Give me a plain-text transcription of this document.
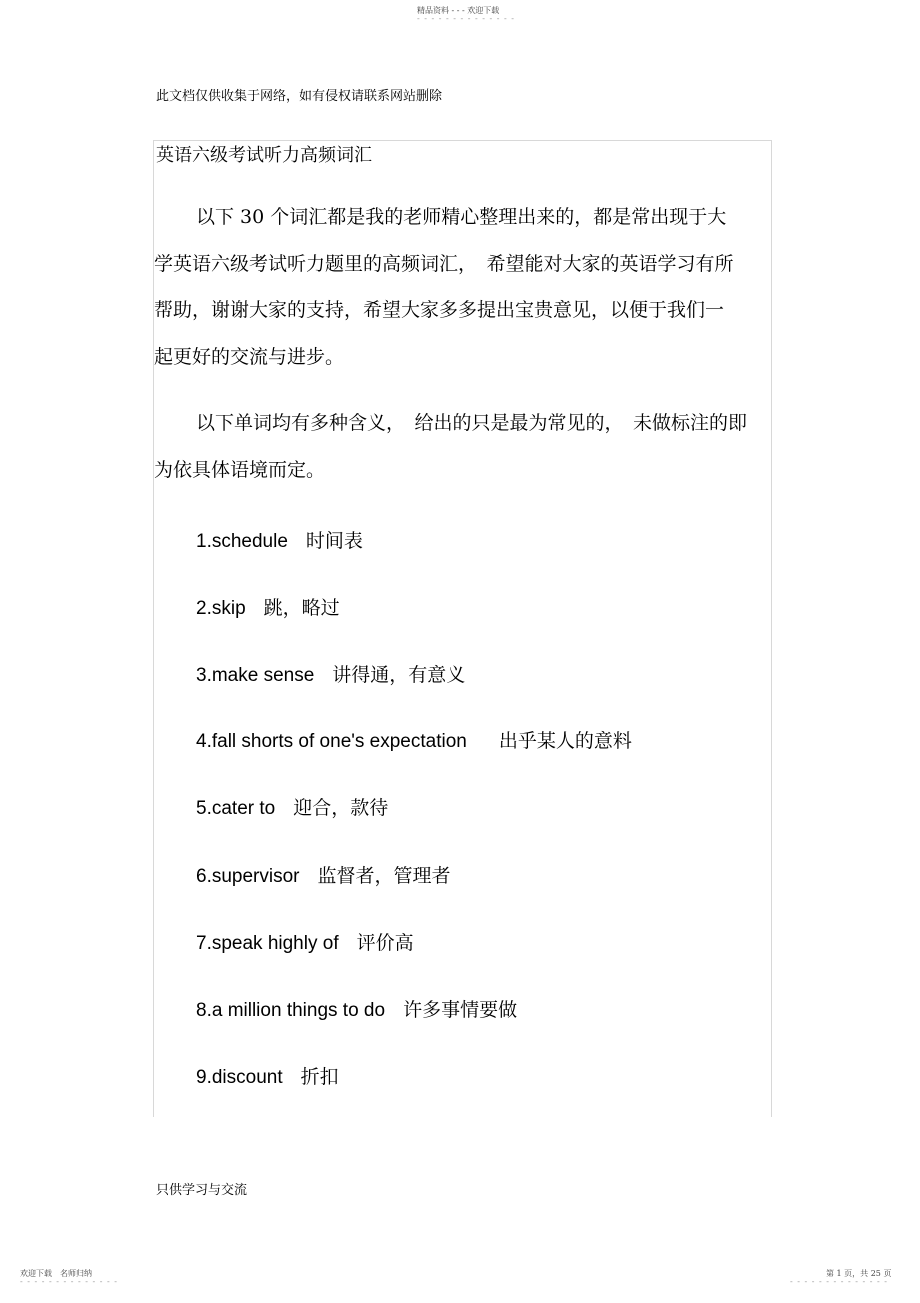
精品资料 - - - 欢迎下载
- - - - - - - - - - - - - -
此文档仅供收集于网络，如有侵权请联系网站删除
英语六级考试听力高频词汇
以下 30 个词汇都是我的老师精心整理出来的，都是常出现于大
学英语六级考试听力题里的高频词汇，　希望能对大家的英语学习有所
帮助，谢谢大家的支持，希望大家多多提出宝贵意见，以便于我们一
起更好的交流与进步。
以下单词均有多种含义，　给出的只是最为常见的，　未做标注的即
为依具体语境而定。
1.schedule 时间表
2.skip 跳，略过
3.make sense 讲得通，有意义
4.fall shorts of one's expectation 出乎某人的意料
5.cater to 迎合，款待
6.supervisor 监督者，管理者
7.speak highly of 评价高
8.a million things to do 许多事情要做
9.discount 折扣
只供学习与交流
欢迎下载　名师归纳
- - - - - - - - - - - - - -
第 1 页，共 25 页
- - - - - - - - - - - - - -
